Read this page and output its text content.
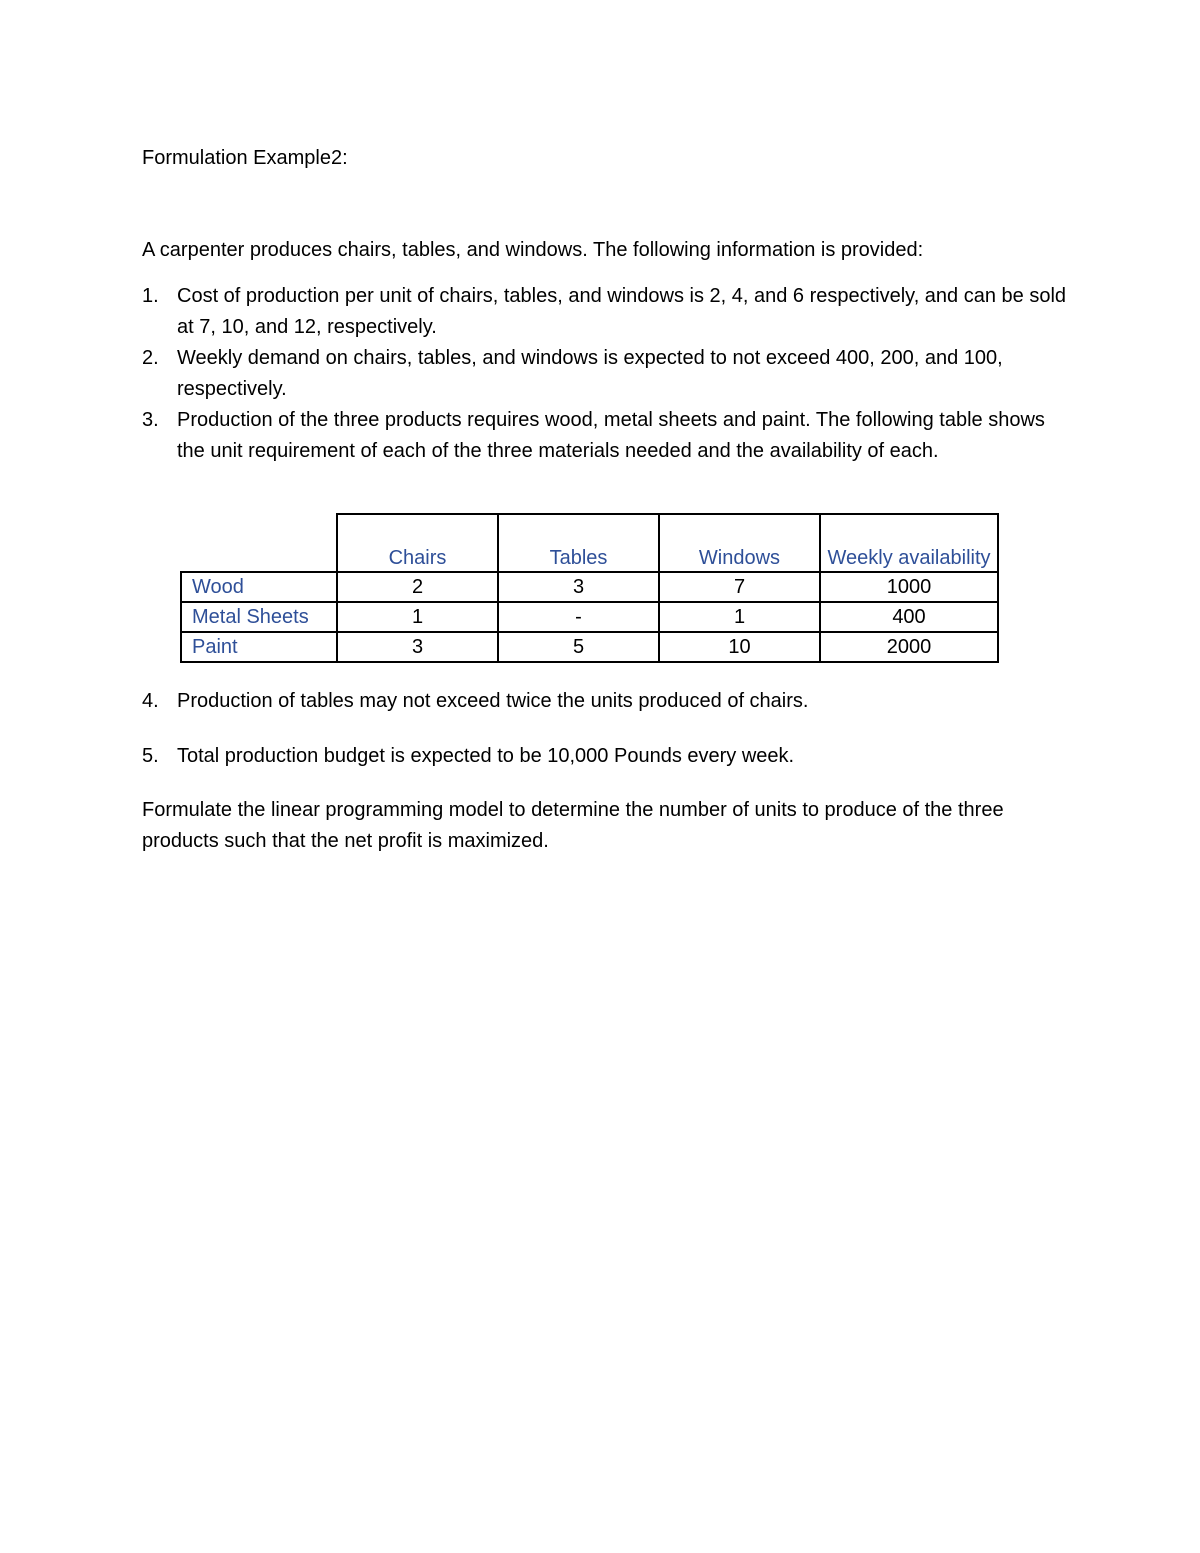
Formulation Example2:
A carpenter produces chairs, tables, and windows. The following information is provided:
1. Cost of production per unit of chairs, tables, and windows is 2, 4, and 6 respectively, and can be sold at 7, 10, and 12, respectively.
2. Weekly demand on chairs, tables, and windows is expected to not exceed 400, 200, and 100, respectively.
3. Production of the three products requires wood, metal sheets and paint. The following table shows the unit requirement of each of the three materials needed and the availability of each.
	Chairs	Tables	Windows	Weekly availability
Wood	2	3	7	1000
Metal Sheets	1	-	1	400
Paint	3	5	10	2000
4. Production of tables may not exceed twice the units produced of chairs.
5. Total production budget is expected to be 10,000 Pounds every week.
Formulate the linear programming model to determine the number of units to produce of the three products such that the net profit is maximized.
